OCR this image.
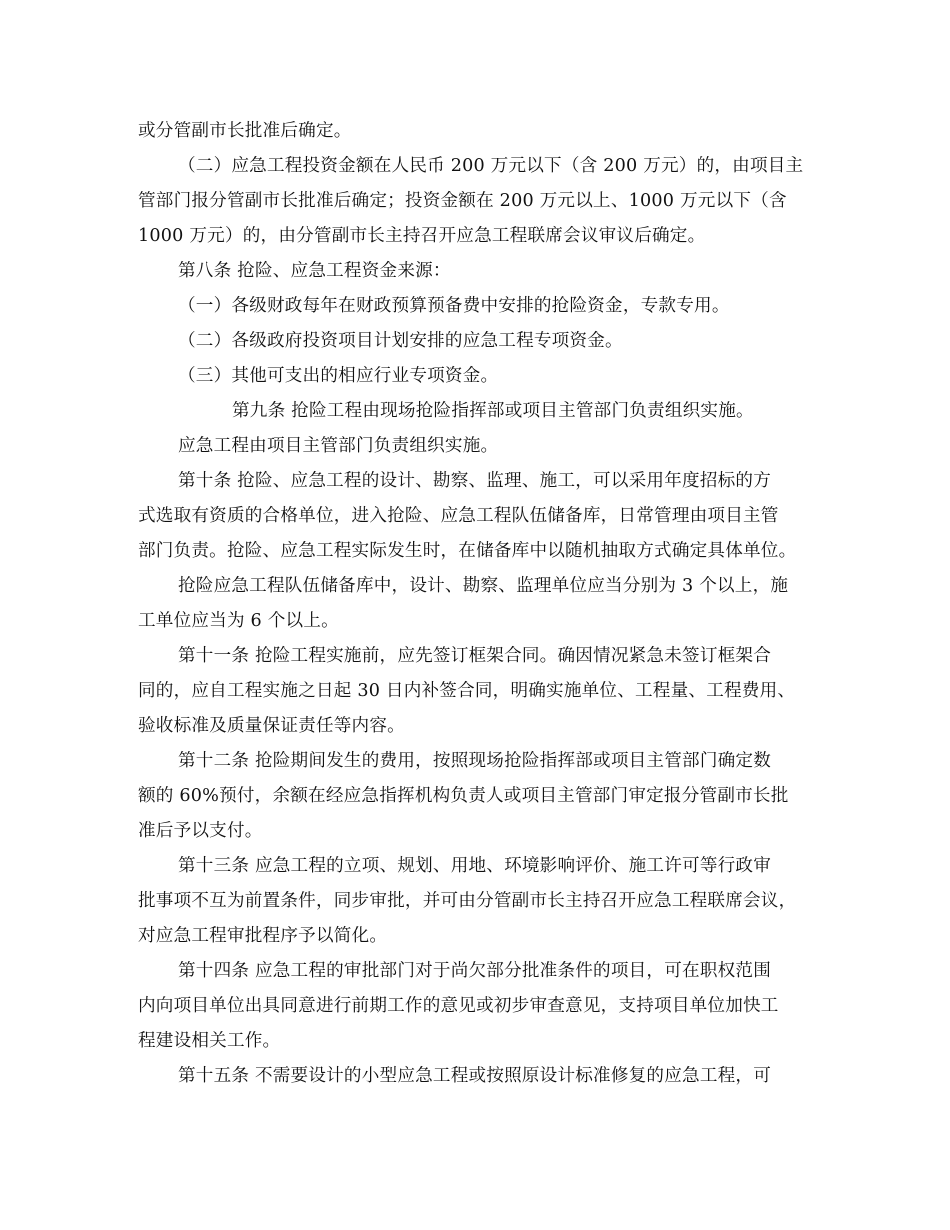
或分管副市长批准后确定。
（二）应急工程投资金额在人民币 200 万元以下（含 200 万元）的，由项目主
管部门报分管副市长批准后确定；投资金额在 200 万元以上、1000 万元以下（含
1000 万元）的，由分管副市长主持召开应急工程联席会议审议后确定。
第八条 抢险、应急工程资金来源：
（一）各级财政每年在财政预算预备费中安排的抢险资金，专款专用。
（二）各级政府投资项目计划安排的应急工程专项资金。
（三）其他可支出的相应行业专项资金。
第九条 抢险工程由现场抢险指挥部或项目主管部门负责组织实施。
应急工程由项目主管部门负责组织实施。
第十条 抢险、应急工程的设计、勘察、监理、施工，可以采用年度招标的方
式选取有资质的合格单位，进入抢险、应急工程队伍储备库，日常管理由项目主管
部门负责。抢险、应急工程实际发生时，在储备库中以随机抽取方式确定具体单位。
抢险应急工程队伍储备库中，设计、勘察、监理单位应当分别为 3 个以上，施
工单位应当为 6 个以上。
第十一条 抢险工程实施前，应先签订框架合同。确因情况紧急未签订框架合
同的，应自工程实施之日起 30 日内补签合同，明确实施单位、工程量、工程费用、
验收标准及质量保证责任等内容。
第十二条 抢险期间发生的费用，按照现场抢险指挥部或项目主管部门确定数
额的 60%预付，余额在经应急指挥机构负责人或项目主管部门审定报分管副市长批
准后予以支付。
第十三条 应急工程的立项、规划、用地、环境影响评价、施工许可等行政审
批事项不互为前置条件，同步审批，并可由分管副市长主持召开应急工程联席会议，
对应急工程审批程序予以简化。
第十四条 应急工程的审批部门对于尚欠部分批准条件的项目，可在职权范围
内向项目单位出具同意进行前期工作的意见或初步审查意见，支持项目单位加快工
程建设相关工作。
第十五条 不需要设计的小型应急工程或按照原设计标准修复的应急工程，可
